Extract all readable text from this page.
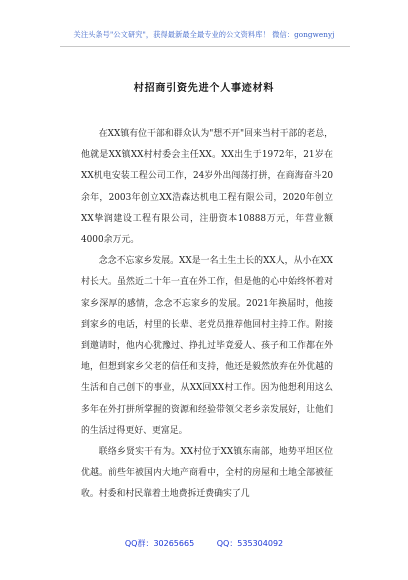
关注头条号"公文研究"，获得最新最全最专业的公文资料库！ 微信：gongwenyj
村招商引资先进个人事迹材料

在XX镇有位干部和群众认为"想不开"回来当村干部的老总，他就是XX镇XX村村委会主任XX。XX出生于1972年，21岁在XX机电安装工程公司工作，24岁外出闯荡打拼，在商海奋斗20余年，2003年创立XX浩森达机电工程有限公司，2020年创立XX挚润建设工程有限公司，注册资本10888万元，年营业额4000余万元。

念念不忘家乡发展。XX是一名土生土长的XX人，从小在XX村长大。虽然近二十年一直在外工作，但是他的心中始终怀着对家乡深厚的感情，念念不忘家乡的发展。2021年换届时，他接到家乡的电话，村里的长辈、老党员推荐他回村主持工作。附接到邀请时，他内心犹豫过、挣扎过毕竟爱人、孩子和工作都在外地，但想到家乡父老的信任和支持，他还是毅然放弃在外优越的生活和自己创下的事业，从XX回XX村工作。因为他想利用这么多年在外打拼所掌握的资源和经验带领父老乡亲发展好，让他们的生活过得更好、更富足。

联络乡贤实干有为。XX村位于XX镇东南部，地势平坦区位优越。前些年被国内大地产商看中，全村的房屋和土地全部被征收。村委和村民靠着土地费拆迁费确实了几

QQ群：30265665	QQ：535304092
